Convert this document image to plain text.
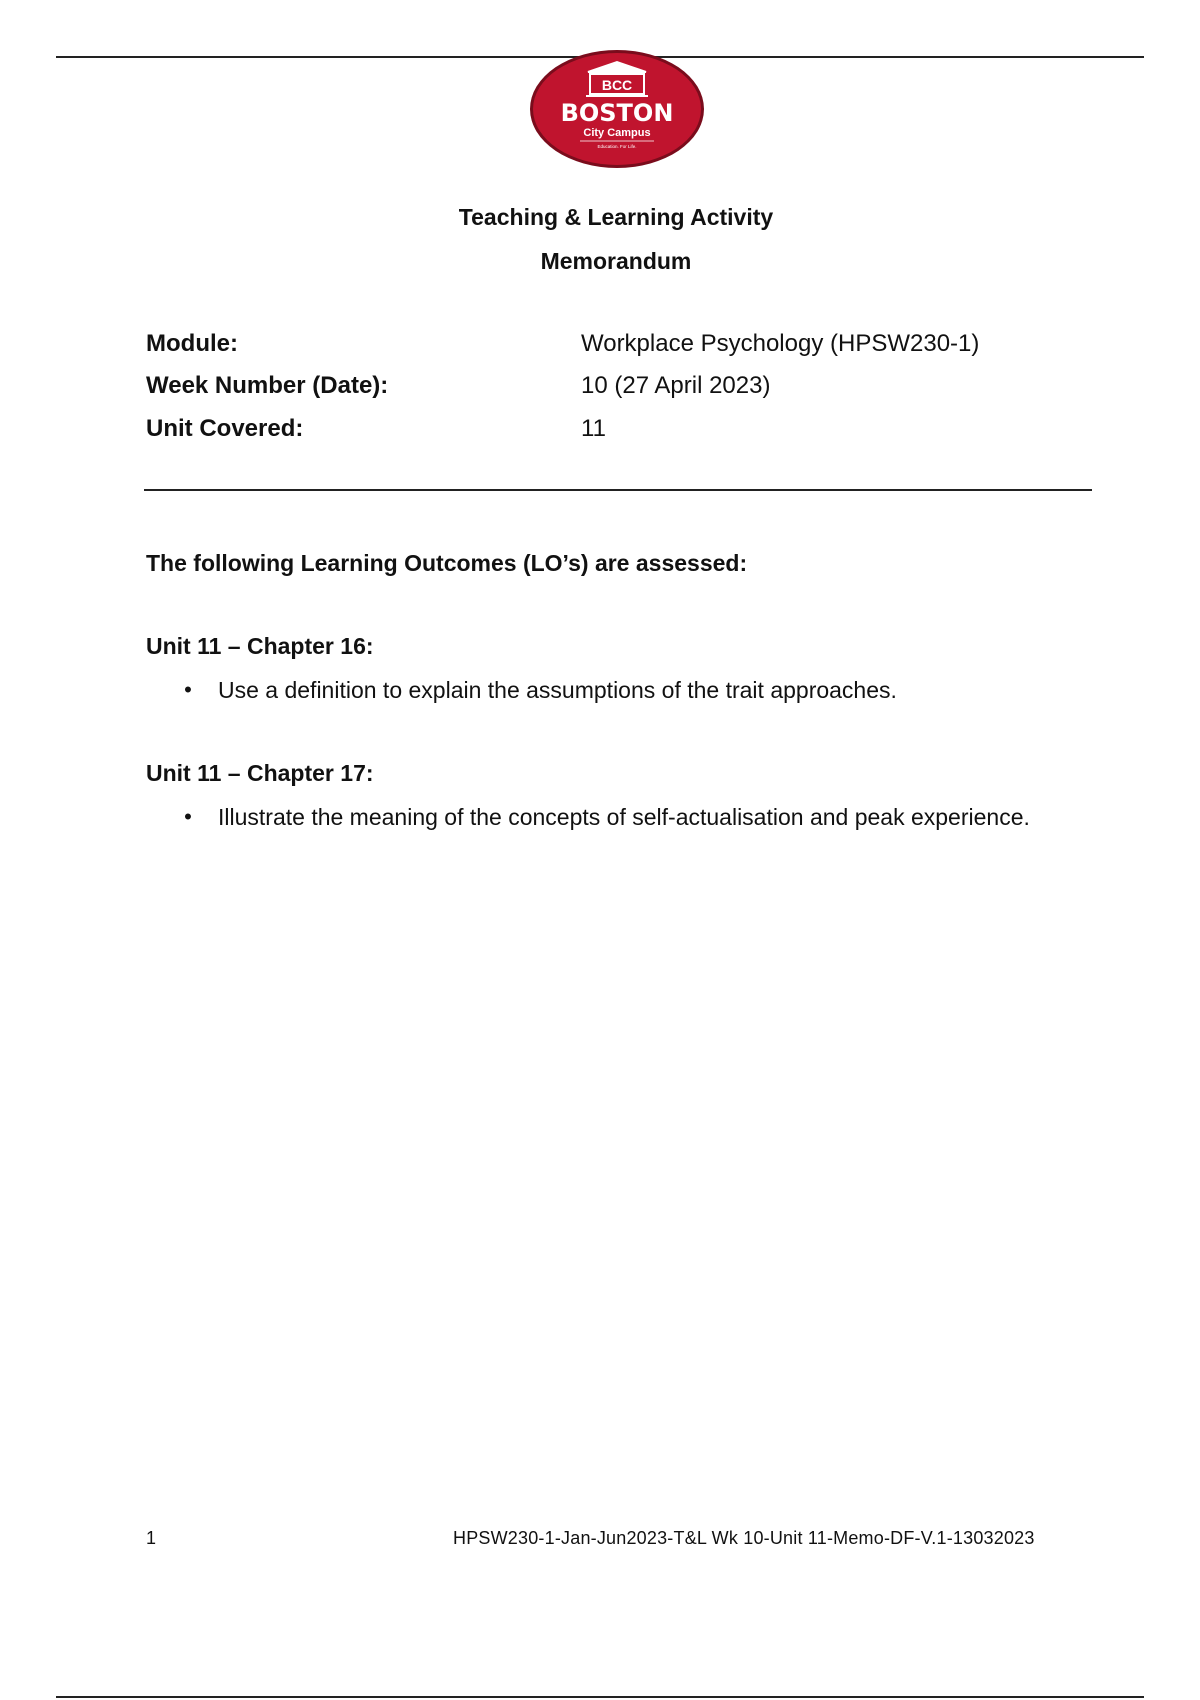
BCC
BOSTON
City Campus
Education. For Life.
Teaching & Learning Activity
Memorandum
Module:	Workplace Psychology (HPSW230-1)
Week Number (Date):	10 (27 April 2023)
Unit Covered:	11
The following Learning Outcomes (LO’s) are assessed:
Unit 11 – Chapter 16:
• Use a definition to explain the assumptions of the trait approaches.
Unit 11 – Chapter 17:
• Illustrate the meaning of the concepts of self-actualisation and peak experience.
1	HPSW230-1-Jan-Jun2023-T&L Wk 10-Unit 11-Memo-DF-V.1-13032023
